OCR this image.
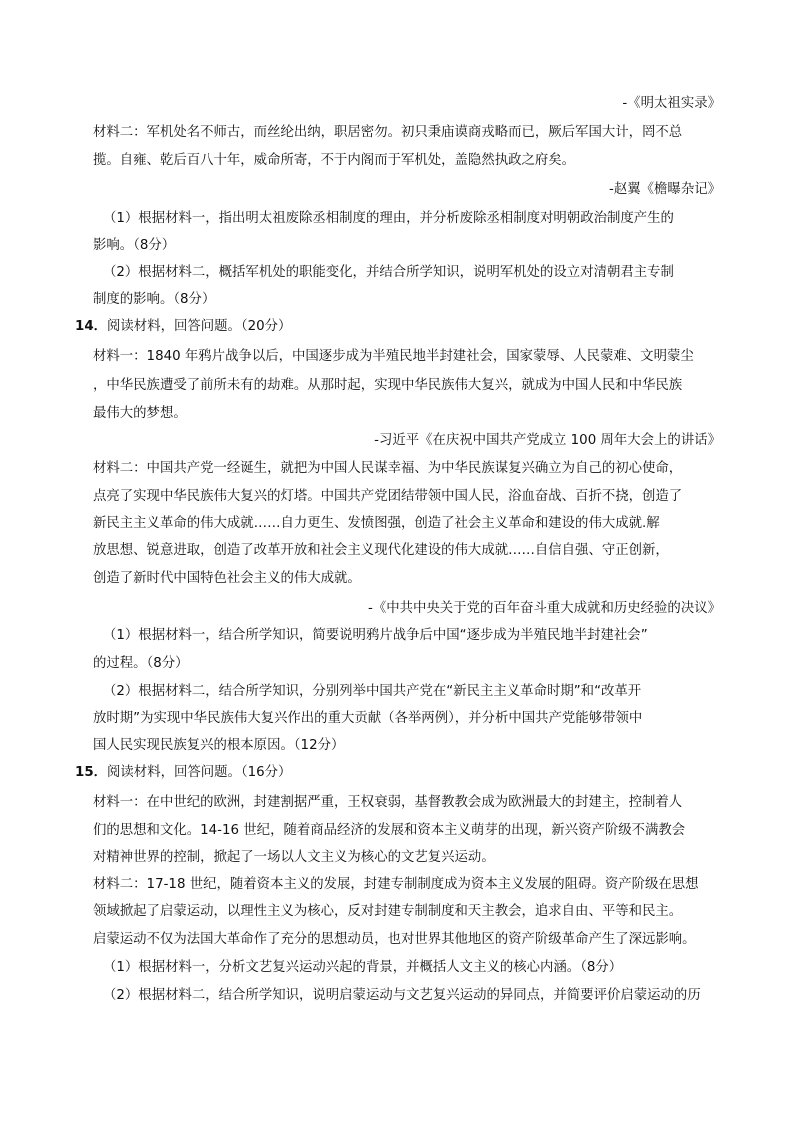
-《明太祖实录》
材料二：军机处名不师古，而丝纶出纳，职居密勿。初只秉庙谟商戎略而已，厥后军国大计，罔不总
揽。自雍、乾后百八十年，威命所寄，不于内阁而于军机处，盖隐然执政之府矣。
-赵翼《檐曝杂记》
（1）根据材料一，指出明太祖废除丞相制度的理由，并分析废除丞相制度对明朝政治制度产生的
影响。（8分）
（2）根据材料二，概括军机处的职能变化，并结合所学知识，说明军机处的设立对清朝君主专制
制度的影响。（8分）
14．阅读材料，回答问题。（20分）
材料一：1840 年鸦片战争以后，中国逐步成为半殖民地半封建社会，国家蒙辱、人民蒙难、文明蒙尘
，中华民族遭受了前所未有的劫难。从那时起，实现中华民族伟大复兴，就成为中国人民和中华民族
最伟大的梦想。
-习近平《在庆祝中国共产党成立 100 周年大会上的讲话》
材料二：中国共产党一经诞生，就把为中国人民谋幸福、为中华民族谋复兴确立为自己的初心使命，
点亮了实现中华民族伟大复兴的灯塔。中国共产党团结带领中国人民，浴血奋战、百折不挠，创造了
新民主主义革命的伟大成就……自力更生、发愤图强，创造了社会主义革命和建设的伟大成就.解
放思想、锐意进取，创造了改革开放和社会主义现代化建设的伟大成就……自信自强、守正创新，
创造了新时代中国特色社会主义的伟大成就。
-《中共中央关于党的百年奋斗重大成就和历史经验的决议》
（1）根据材料一，结合所学知识，简要说明鸦片战争后中国“逐步成为半殖民地半封建社会”
的过程。（8分）
（2）根据材料二，结合所学知识，分别列举中国共产党在“新民主主义革命时期”和“改革开
放时期”为实现中华民族伟大复兴作出的重大贡献（各举两例），并分析中国共产党能够带领中
国人民实现民族复兴的根本原因。（12分）
15．阅读材料，回答问题。（16分）
材料一：在中世纪的欧洲，封建割据严重，王权衰弱，基督教教会成为欧洲最大的封建主，控制着人
们的思想和文化。14-16 世纪，随着商品经济的发展和资本主义萌芽的出现，新兴资产阶级不满教会
对精神世界的控制，掀起了一场以人文主义为核心的文艺复兴运动。
材料二：17-18 世纪，随着资本主义的发展，封建专制制度成为资本主义发展的阻碍。资产阶级在思想
领域掀起了启蒙运动，以理性主义为核心，反对封建专制制度和天主教会，追求自由、平等和民主。
启蒙运动不仅为法国大革命作了充分的思想动员，也对世界其他地区的资产阶级革命产生了深远影响。
（1）根据材料一，分析文艺复兴运动兴起的背景，并概括人文主义的核心内涵。（8分）
（2）根据材料二，结合所学知识，说明启蒙运动与文艺复兴运动的异同点，并简要评价启蒙运动的历
